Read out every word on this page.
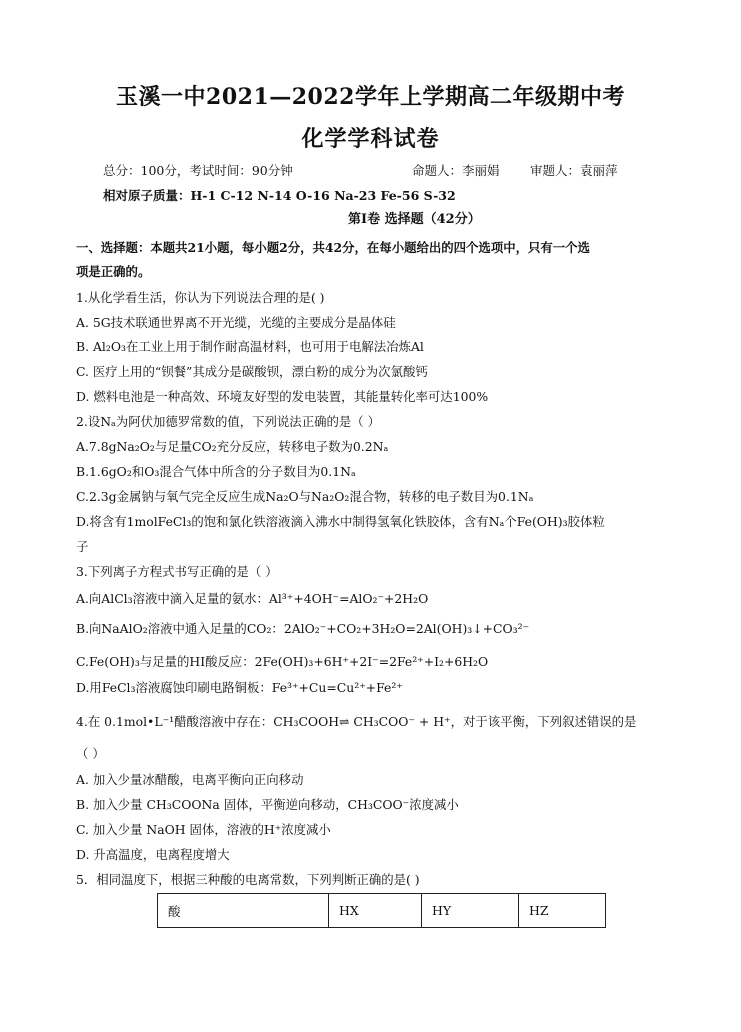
玉溪一中2021—2022学年上学期高二年级期中考
化学学科试卷
总分：100分，考试时间：90分钟	命题人：李丽娟	审题人：袁丽萍
相对原子质量：H-1 C-12 N-14 O-16 Na-23 Fe-56 S-32
第Ⅰ卷 选择题（42分）
一、选择题：本题共21小题，每小题2分，共42分，在每小题给出的四个选项中，只有一个选
项是正确的。
1.从化学看生活，你认为下列说法合理的是( )
A. 5G技术联通世界离不开光缆，光缆的主要成分是晶体硅
B. Al₂O₃在工业上用于制作耐高温材料，也可用于电解法冶炼Al
C. 医疗上用的“钡餐”其成分是碳酸钡，漂白粉的成分为次氯酸钙
D. 燃料电池是一种高效、环境友好型的发电装置，其能量转化率可达100%
2.设Nₐ为阿伏加德罗常数的值，下列说法正确的是（ ）
A.7.8gNa₂O₂与足量CO₂充分反应，转移电子数为0.2Nₐ
B.1.6gO₂和O₃混合气体中所含的分子数目为0.1Nₐ
C.2.3g金属钠与氧气完全反应生成Na₂O与Na₂O₂混合物，转移的电子数目为0.1Nₐ
D.将含有1molFeCl₃的饱和氯化铁溶液滴入沸水中制得氢氧化铁胶体，含有Nₐ个Fe(OH)₃胶体粒
子
3.下列离子方程式书写正确的是（ ）
A.向AlCl₃溶液中滴入足量的氨水：Al³⁺+4OH⁻=AlO₂⁻+2H₂O
B.向NaAlO₂溶液中通入足量的CO₂：2AlO₂⁻+CO₂+3H₂O=2Al(OH)₃↓+CO₃²⁻
C.Fe(OH)₃与足量的HI酸反应：2Fe(OH)₃+6H⁺+2I⁻=2Fe²⁺+I₂+6H₂O
D.用FeCl₃溶液腐蚀印刷电路铜板：Fe³⁺+Cu=Cu²⁺+Fe²⁺
4.在 0.1mol•L⁻¹醋酸溶液中存在：CH₃COOH⇌ CH₃COO⁻ + H⁺，对于该平衡，下列叙述错误的是
（ ）
A. 加入少量冰醋酸，电离平衡向正向移动
B. 加入少量 CH₃COONa 固体，平衡逆向移动，CH₃COO⁻浓度减小
C. 加入少量 NaOH 固体，溶液的H⁺浓度减小
D. 升高温度，电离程度增大
5．相同温度下，根据三种酸的电离常数，下列判断正确的是( )
酸	HX	HY	HZ
